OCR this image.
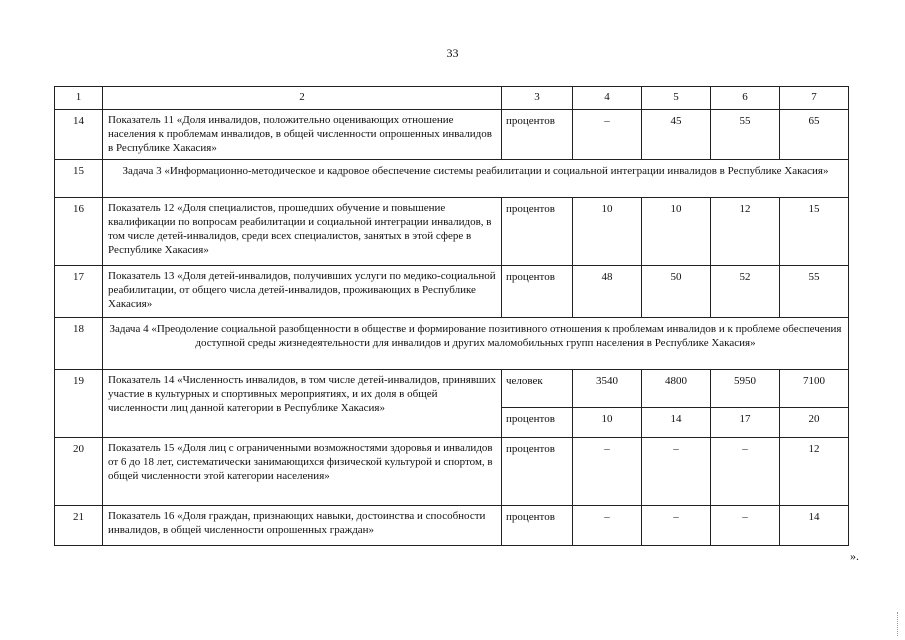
33
1	2	3	4	5	6	7
14	Показатель 11 «Доля инвалидов, положительно оценивающих отношение населения к проблемам инвалидов, в общей численности опрошенных инвалидов в Республике Хакасия»	процентов	–	45	55	65
15	Задача 3 «Информационно-методическое и кадровое обеспечение системы реабилитации и социальной интеграции инвалидов в Республике Хакасия»					
16	Показатель 12 «Доля специалистов, прошедших обучение и повышение квалификации по вопросам реабилитации и социальной интеграции инвалидов, в том числе детей-инвалидов, среди всех специалистов, занятых в этой сфере в Республике Хакасия»	процентов	10	10	12	15
17	Показатель 13 «Доля детей-инвалидов, получивших услуги по медико-социальной реабилитации, от общего числа детей-инвалидов, проживающих в Республике Хакасия»	процентов	48	50	52	55
18	Задача 4 «Преодоление социальной разобщенности в обществе и формирование позитивного отношения к проблемам инвалидов и к проблеме обеспечения доступной среды жизнедеятельности для инвалидов и других маломобильных групп населения в Республике Хакасия»					
19	Показатель 14 «Численность инвалидов, в том числе детей-инвалидов, принявших участие в культурных и спортивных мероприятиях, и их доля в общей численности лиц данной категории в Республике Хакасия»	человек	3540	4800	5950	7100
		процентов	10	14	17	20
20	Показатель 15 «Доля лиц с ограниченными возможностями здоровья и инвалидов от 6 до 18 лет, систематически занимающихся физической культурой и спортом, в общей численности этой категории населения»	процентов	–	–	–	12
21	Показатель 16 «Доля граждан, признающих навыки, достоинства и способности инвалидов, в общей численности опрошенных граждан»	процентов	–	–	–	14
».
